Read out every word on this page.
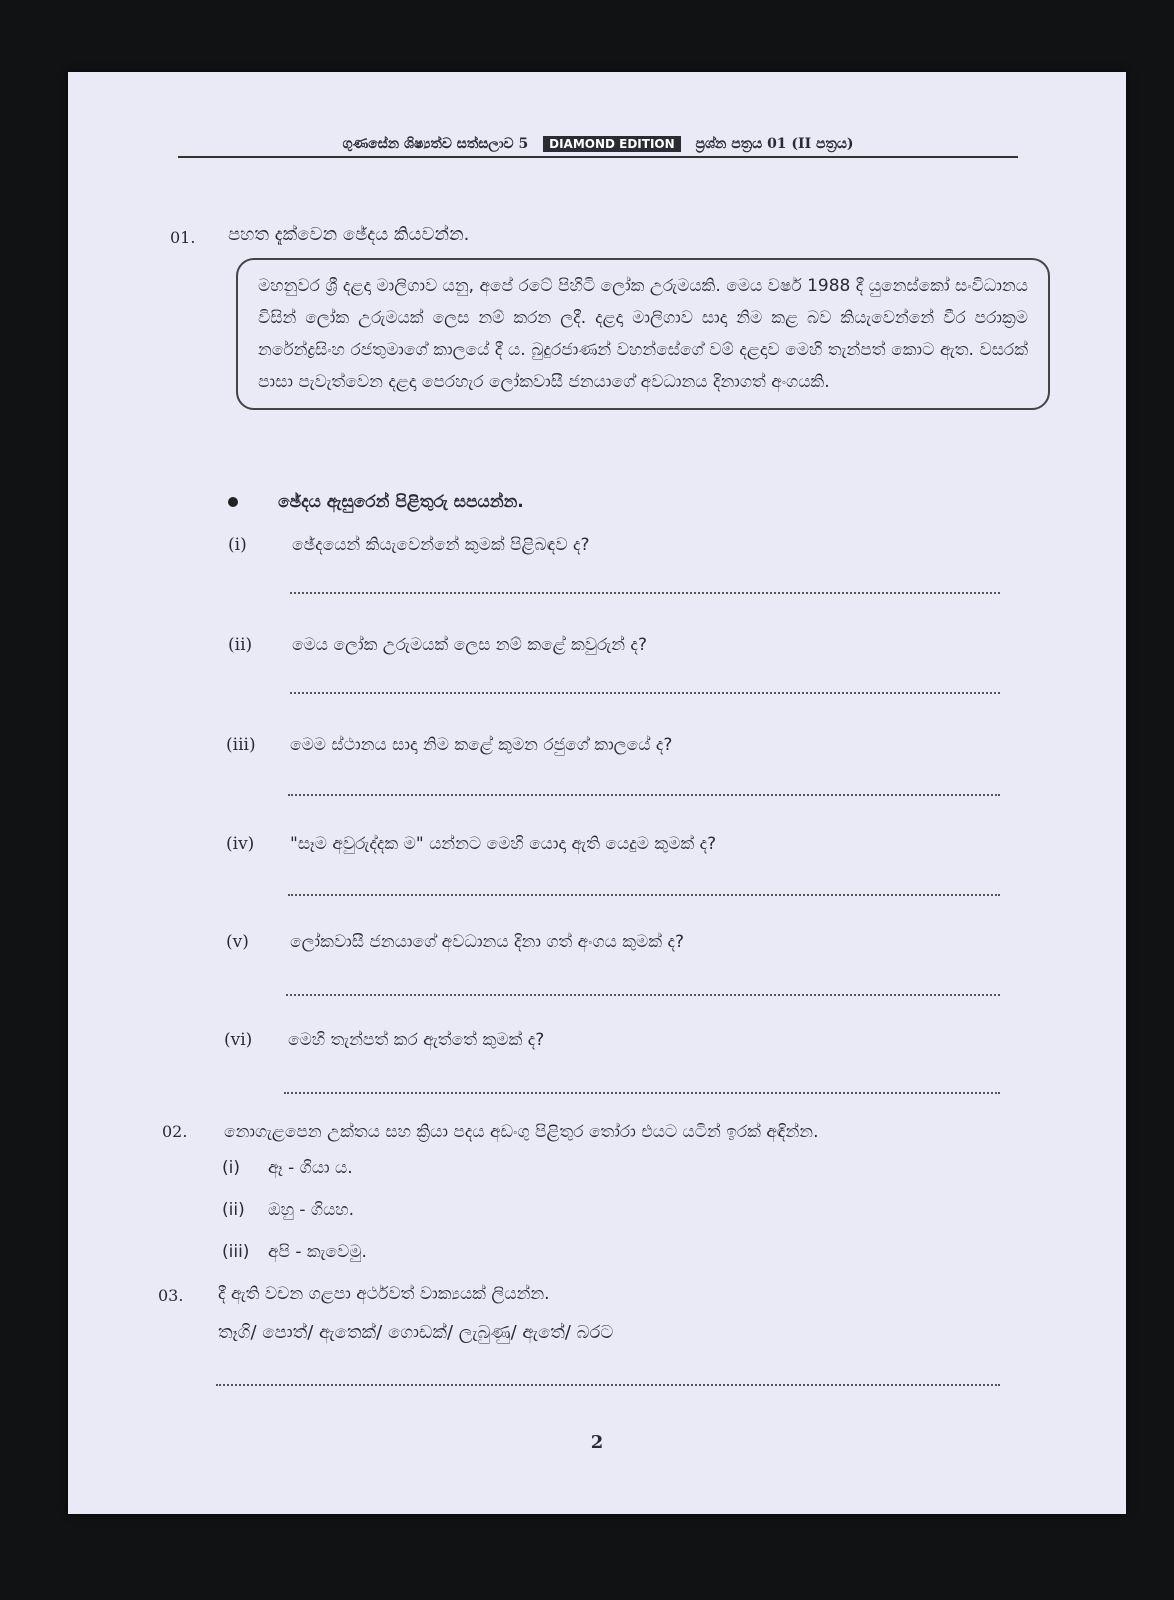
ගුණසේන ශිෂ්‍යත්ව සත්සලාව 5 DIAMOND EDITION ප්‍රශ්න පත්‍රය 01 (II පත්‍රය)
01. පහත දැක්වෙන ඡේදය කියවන්න.
මහනුවර ශ්‍රී දළදා මාලිගාව යනු, අපේ රටේ පිහිටි ලෝක උරුමයකි. මෙය වර්ෂ 1988 දී යුනෙස්කෝ සංවිධානය විසින් ලෝක උරුමයක් ලෙස නම් කරන ලදී. දළදා මාලිගාව සාදා නිම කළ බව කියැවෙන්නේ වීර පරාක්‍රම නරේන්ද්‍රසිංහ රජතුමාගේ කාලයේ දී ය. බුදුරජාණන් වහන්සේගේ වම් දළදාව මෙහි තැන්පත් කොට ඇත. වසරක් පාසා පැවැත්වෙන දළදා පෙරහැර ලෝකවාසී ජනයාගේ අවධානය දිනාගත් අංගයකි.
ඡේදය ඇසුරෙන් පිළිතුරු සපයන්න.
(i)	ඡේදයෙන් කියැවෙන්නේ කුමක් පිළිබඳව ද?
(ii) මෙය ලෝක උරුමයක් ලෙස නම් කළේ කවුරුන් ද?
(iii) මෙම ස්ථානය සාදා නිම කළේ කුමන රජුගේ කාලයේ ද?
(iv) "සෑම අවුරුද්දක ම" යන්නට මෙහි යොදා ඇති යෙදුම කුමක් ද?
(v) ලෝකවාසී ජනයාගේ අවධානය දිනා ගත් අංගය කුමක් ද?
(vi) මෙහි තැන්පත් කර ඇත්තේ කුමක් ද?
02. නොගැළපෙන උක්තය සහ ක්‍රියා පදය අඩංගු පිළිතුර තෝරා එයට යටින් ඉරක් අඳින්න.
(i) ඈ - ගියා ය.
(ii) ඔහු - ගියහ.
(iii) අපි - කැවෙමු.
03. දී ඇති වචන ගළපා අර්ථවත් වාක්‍යයක් ලියන්න.
තෑගි/ පොත්/ ඇතෙක්/ ගොඩක්/ ලැබුණු/ ඇතේ/ බරට
2
